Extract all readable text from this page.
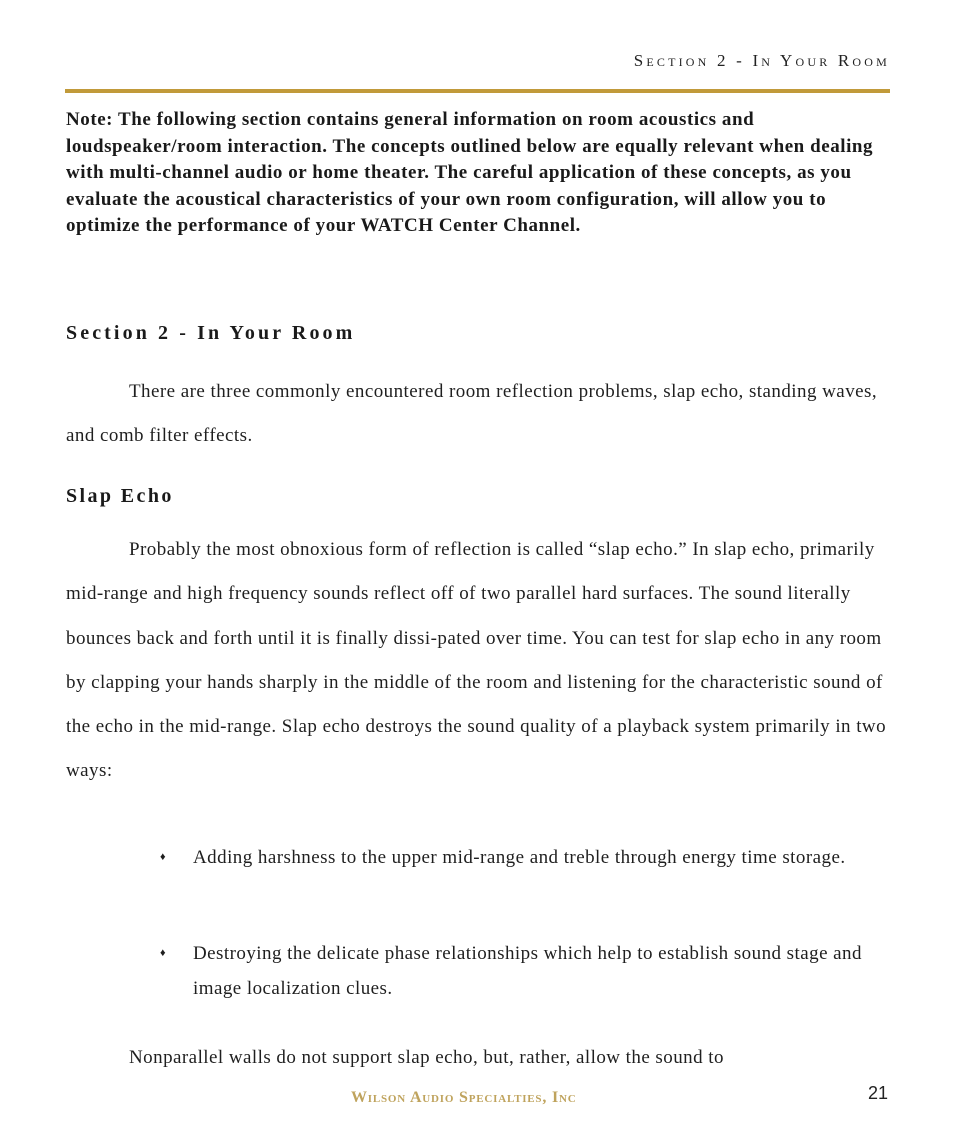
Section 2 - In Your Room
Note: The following section contains general information on room acoustics and loudspeaker/room interaction. The concepts outlined below are equally relevant when dealing with multi-channel audio or home theater. The careful application of these concepts, as you evaluate the acoustical characteristics of your own room configuration, will allow you to optimize the performance of your WATCH Center Channel.
Section 2 - In Your Room
There are three commonly encountered room reflection problems, slap echo, standing waves, and comb filter effects.
Slap Echo
Probably the most obnoxious form of reflection is called “slap echo.” In slap echo, primarily mid-range and high frequency sounds reflect off of two parallel hard surfaces. The sound literally bounces back and forth until it is finally dissi-pated over time. You can test for slap echo in any room by clapping your hands sharply in the middle of the room and listening for the characteristic sound of the echo in the mid-range. Slap echo destroys the sound quality of a playback system primarily in two ways:
♦ Adding harshness to the upper mid-range and treble through energy time storage.
♦ Destroying the delicate phase relationships which help to establish sound stage and image localization clues.
Nonparallel walls do not support slap echo, but, rather, allow the sound to
21
Wilson Audio Specialties, Inc
